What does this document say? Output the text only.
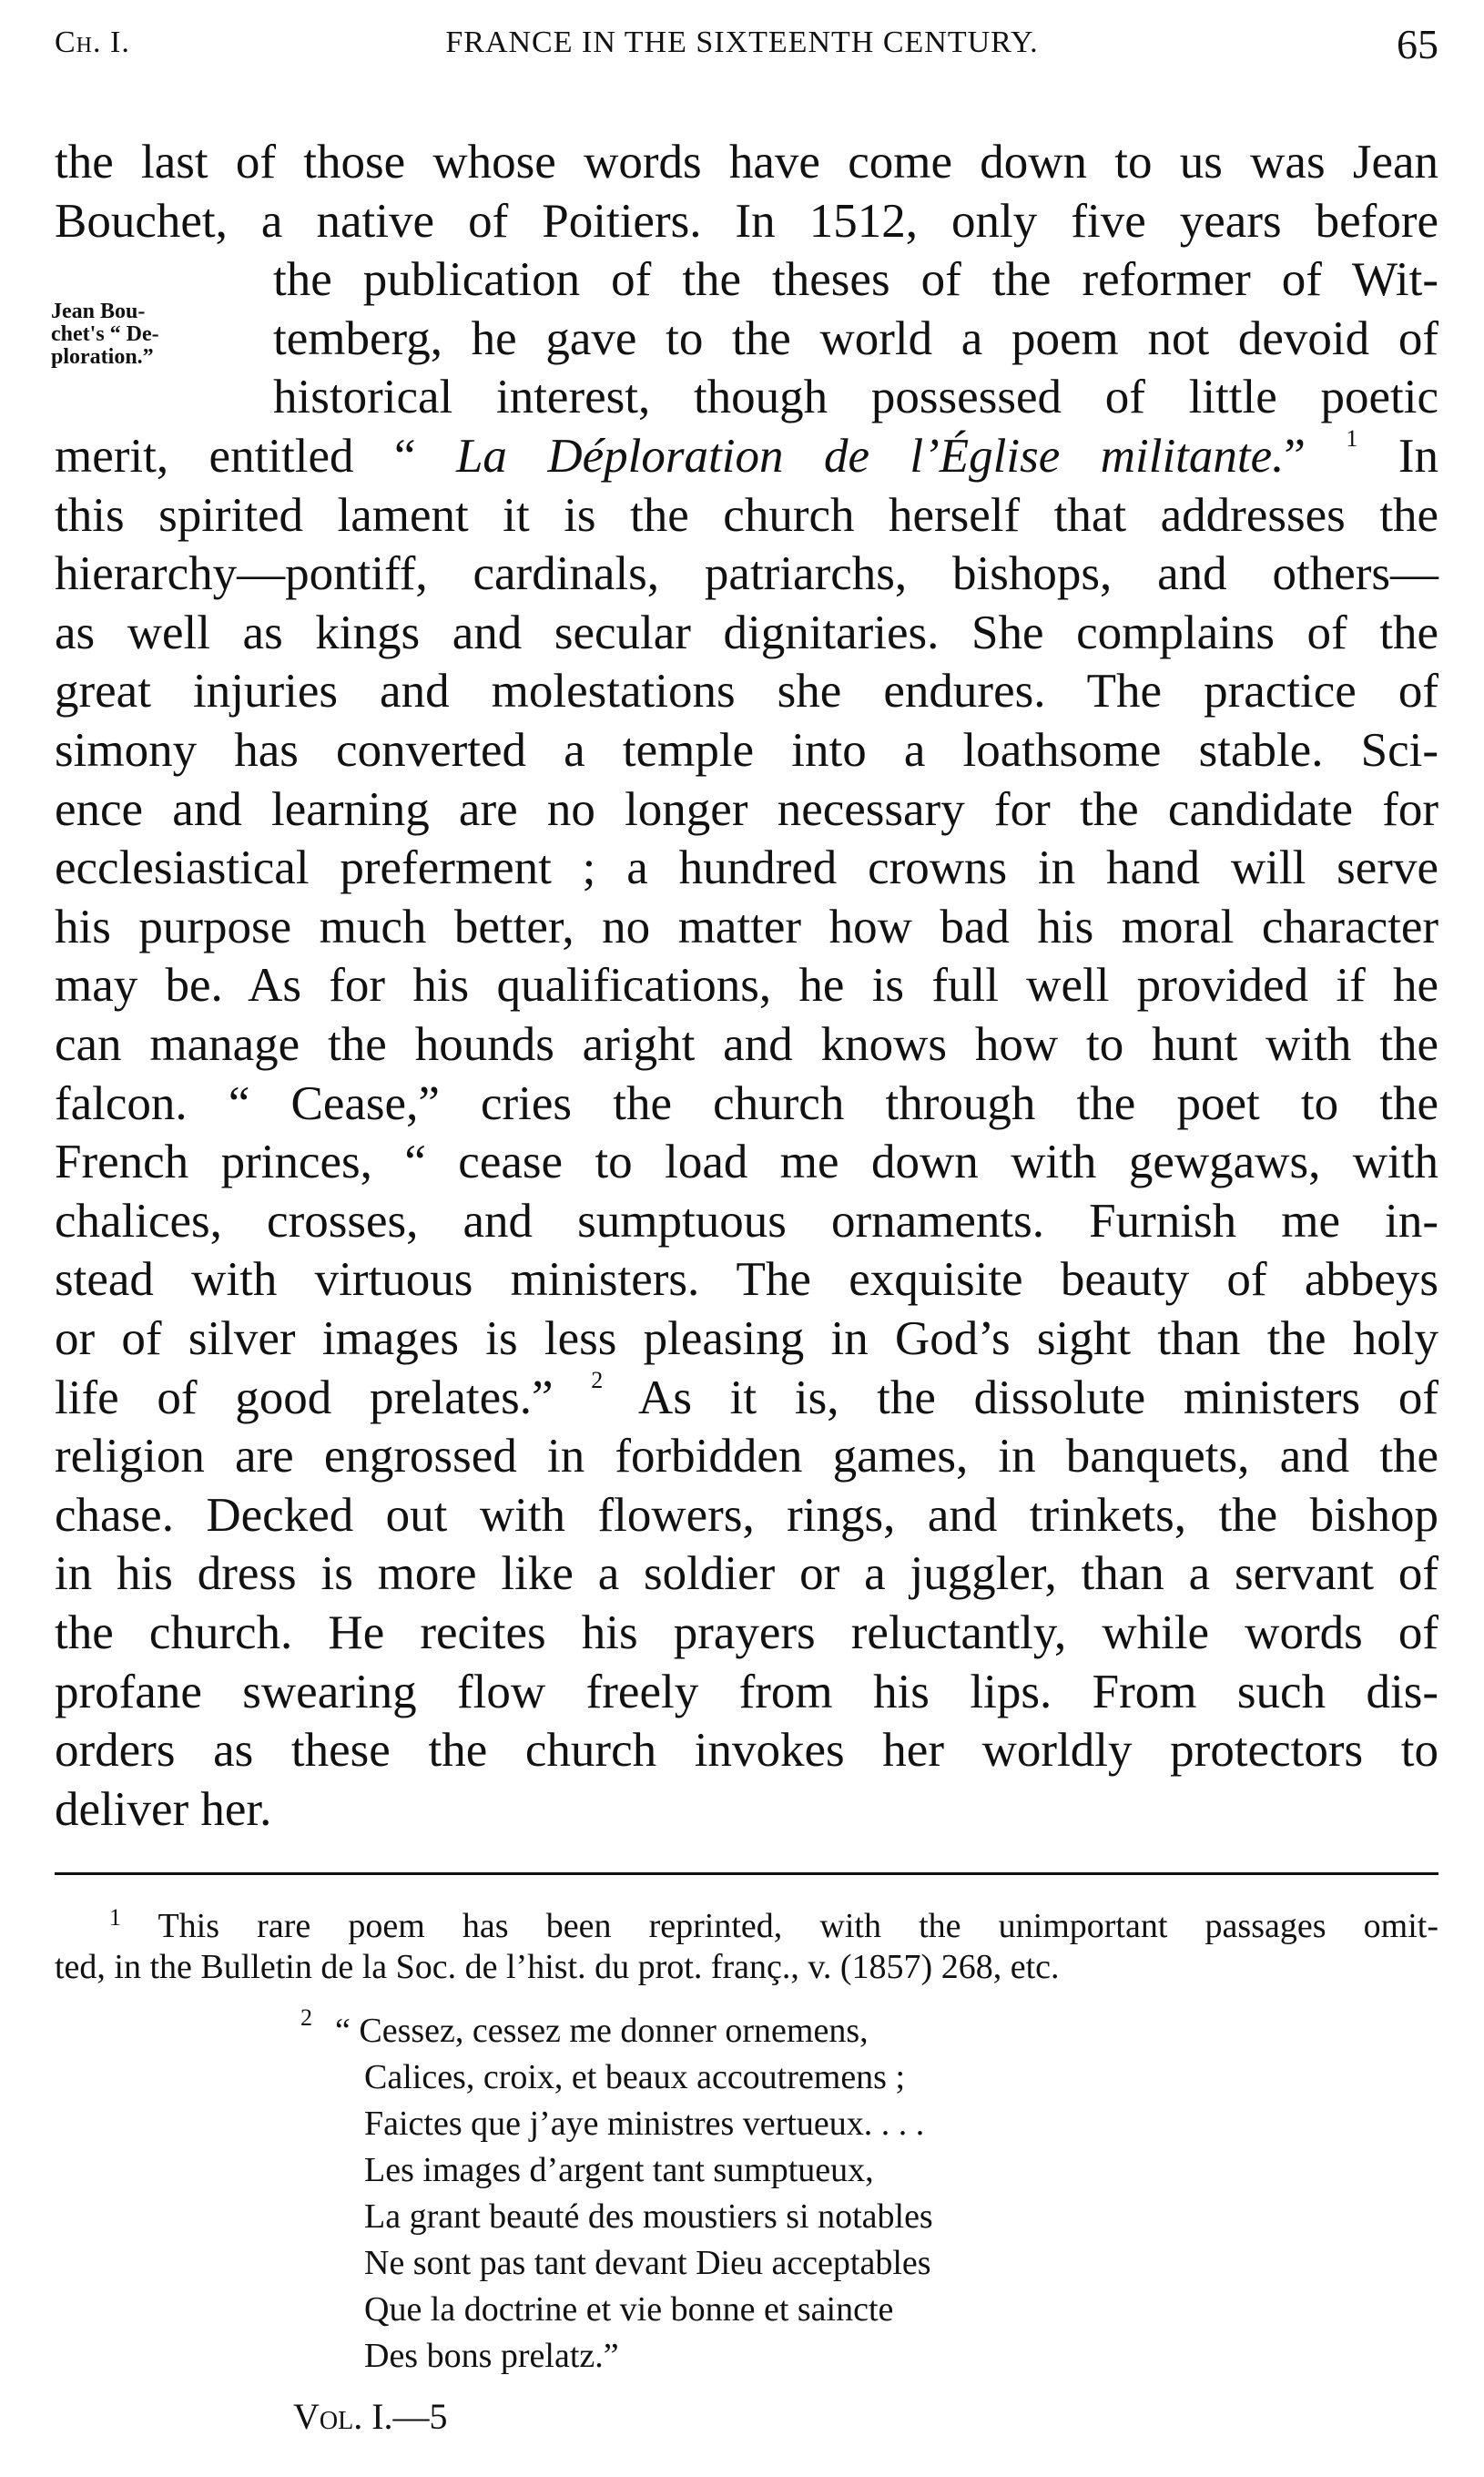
Ch. I.	FRANCE IN THE SIXTEENTH CENTURY.	65
Jean Bou-
chet's “ De-
ploration.”
the last of those whose words have come down to us was Jean
Bouchet, a native of Poitiers. In 1512, only five years before
the publication of the theses of the reformer of Wit-
temberg, he gave to the world a poem not devoid of
historical interest, though possessed of little poetic
merit, entitled “ La Déploration de l’Église militante.” $^1$ In
this spirited lament it is the church herself that addresses the
hierarchy—pontiff, cardinals, patriarchs, bishops, and others—
as well as kings and secular dignitaries. She complains of the
great injuries and molestations she endures. The practice of
simony has converted a temple into a loathsome stable. Sci-
ence and learning are no longer necessary for the candidate for
ecclesiastical preferment ; a hundred crowns in hand will serve
his purpose much better, no matter how bad his moral character
may be. As for his qualifications, he is full well provided if he
can manage the hounds aright and knows how to hunt with the
falcon. “ Cease,” cries the church through the poet to the
French princes, “ cease to load me down with gewgaws, with
chalices, crosses, and sumptuous ornaments. Furnish me in-
stead with virtuous ministers. The exquisite beauty of abbeys
or of silver images is less pleasing in God’s sight than the holy
life of good prelates.” $^2$ As it is, the dissolute ministers of
religion are engrossed in forbidden games, in banquets, and the
chase. Decked out with flowers, rings, and trinkets, the bishop
in his dress is more like a soldier or a juggler, than a servant of
the church. He recites his prayers reluctantly, while words of
profane swearing flow freely from his lips. From such dis-
orders as these the church invokes her worldly protectors to
deliver her.
$^1$ This rare poem has been reprinted, with the unimportant passages omit-
ted, in the Bulletin de la Soc. de l’hist. du prot. franç., v. (1857) 268, etc.
$^2$ “ Cessez, cessez me donner ornemens,
Calices, croix, et beaux accoutremens ;
Faictes que j’aye ministres vertueux. . . .
Les images d’argent tant sumptueux,
La grant beauté des moustiers si notables
Ne sont pas tant devant Dieu acceptables
Que la doctrine et vie bonne et saincte
Des bons prelatz.”
Vol. I.—5
